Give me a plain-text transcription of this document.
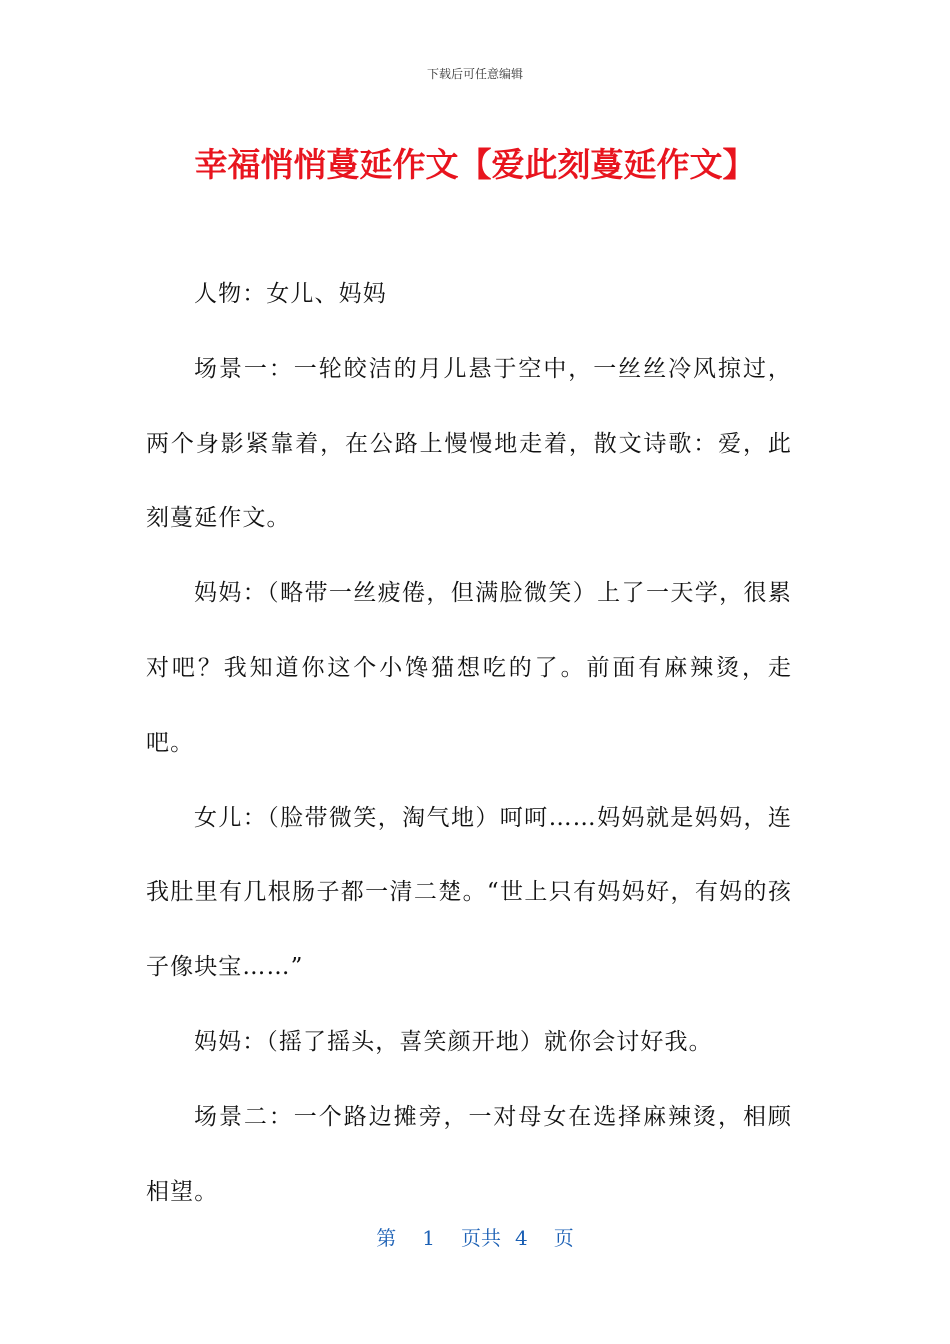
下载后可任意编辑
幸福悄悄蔓延作文【爱此刻蔓延作文】

人物：女儿、妈妈

场景一：一轮皎洁的月儿悬于空中，一丝丝冷风掠过，两个身影紧靠着，在公路上慢慢地走着，散文诗歌：爱，此刻蔓延作文。

妈妈：（略带一丝疲倦，但满脸微笑）上了一天学，很累对吧？我知道你这个小馋猫想吃的了。前面有麻辣烫，走吧。

女儿：（脸带微笑，淘气地）呵呵……妈妈就是妈妈，连我肚里有几根肠子都一清二楚。“世上只有妈妈好，有妈的孩子像块宝……”

妈妈：（摇了摇头，喜笑颜开地）就你会讨好我。

场景二：一个路边摊旁，一对母女在选择麻辣烫，相顾相望。

第 1 页共 4 页
